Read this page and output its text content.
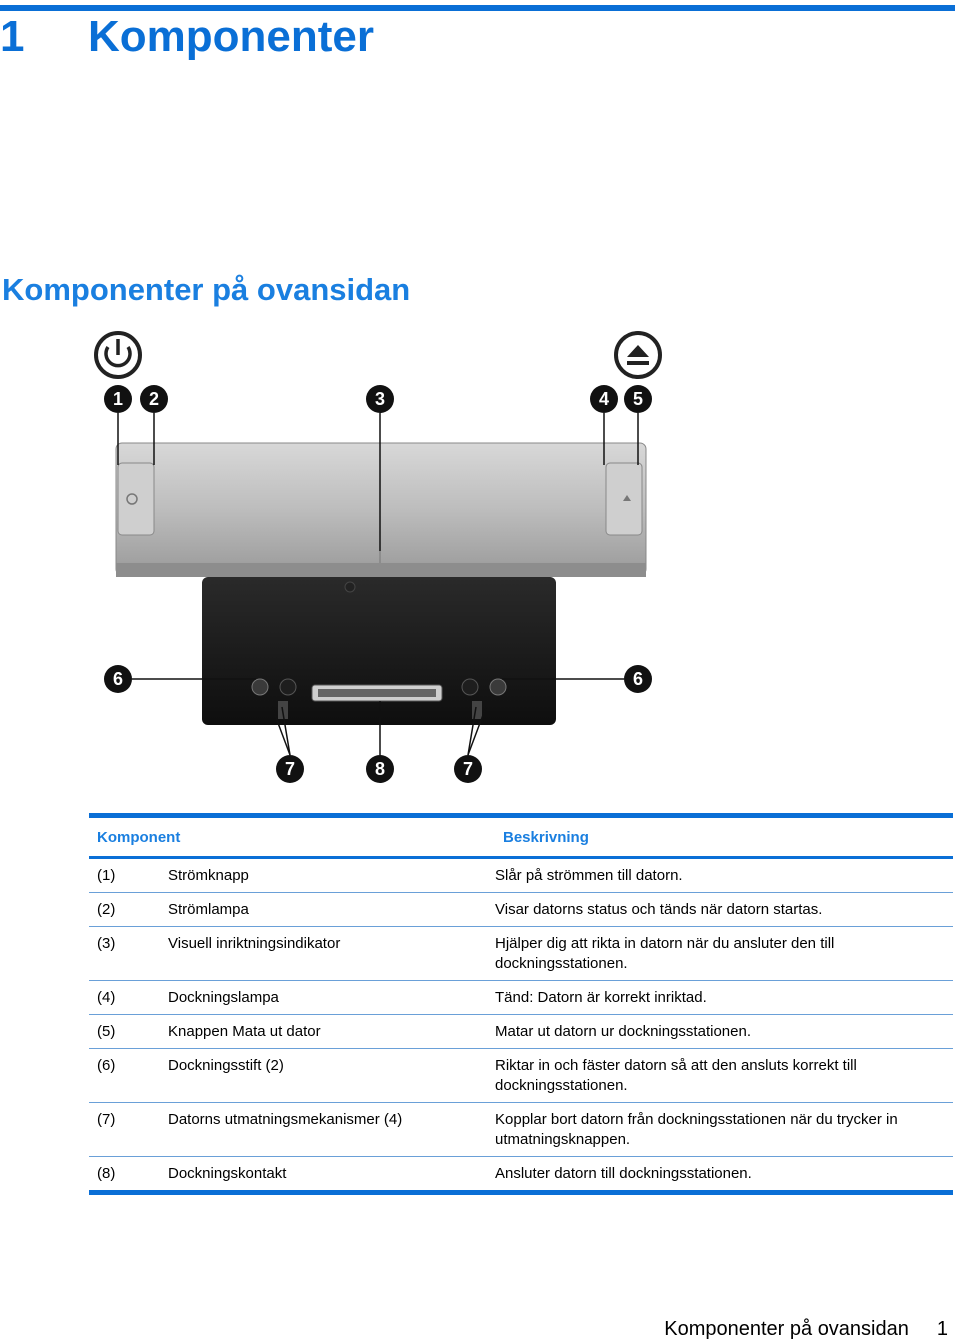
1 Komponenter
Komponenter på ovansidan
1 2	3	4 5
6	6
7	7
8
Komponent	Beskrivning
(1)	Strömknapp	Slår på strömmen till datorn.
(2)	Strömlampa	Visar datorns status och tänds när datorn startas.
(3)	Visuell inriktningsindikator	Hjälper dig att rikta in datorn när du ansluter den till dockningsstationen.
(4)	Dockningslampa	Tänd: Datorn är korrekt inriktad.
(5)	Knappen Mata ut dator	Matar ut datorn ur dockningsstationen.
(6)	Dockningsstift (2)	Riktar in och fäster datorn så att den ansluts korrekt till dockningsstationen.
(7)	Datorns utmatningsmekanismer (4)	Kopplar bort datorn från dockningsstationen när du trycker in utmatningsknappen.
(8)	Dockningskontakt	Ansluter datorn till dockningsstationen.
Komponenter på ovansidan 1
